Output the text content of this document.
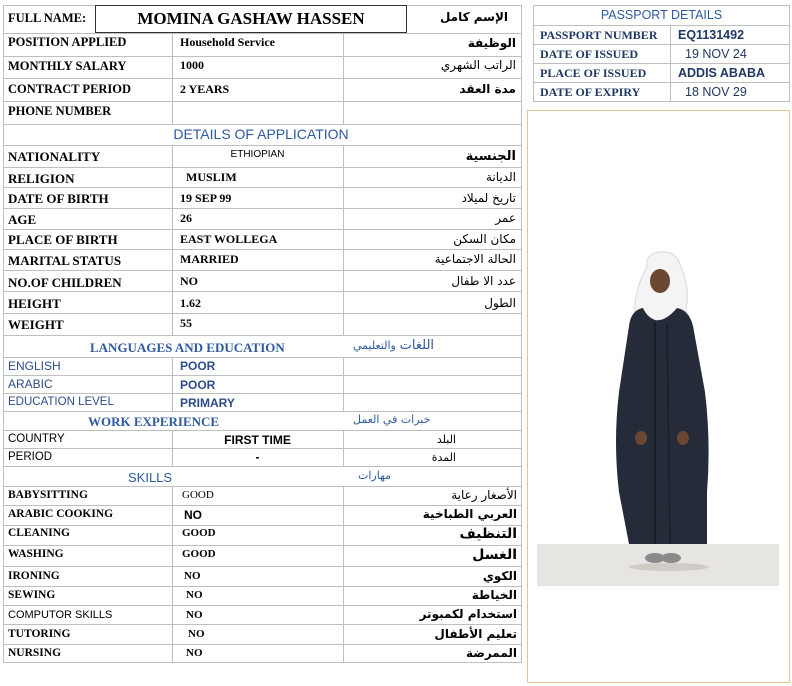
FULL NAME:	MOMINA GASHAW HASSEN	الإسم كامل
POSITION APPLIED	Household Service	الوظيفة
MONTHLY SALARY	1000	الراتب الشهري
CONTRACT PERIOD	2 YEARS	مدة العقد
PHONE NUMBER
DETAILS OF APPLICATION
NATIONALITY	ETHIOPIAN	الجنسية
RELIGION	MUSLIM	الديانة
DATE OF BIRTH	19 SEP 99	تاريخ لميلاد
AGE	26	عمر
PLACE OF BIRTH	EAST WOLLEGA	مكان السكن
MARITAL STATUS	MARRIED	الحالة الاجتماعية
NO.OF CHILDREN	NO	عدد الا طفال
HEIGHT	1.62	الطول
WEIGHT	55
LANGUAGES AND EDUCATION	اللغات والتعليمي
ENGLISH	POOR
ARABIC	POOR
EDUCATION LEVEL	PRIMARY
WORK EXPERIENCE	خبرات في العمل
COUNTRY	FIRST TIME	البلد
PERIOD	-	المدة
SKILLS	مهارات
BABYSITTING	GOOD	الأصغار رعاية
ARABIC COOKING	NO	العربي الطباخية
CLEANING	GOOD	التنظيف
WASHING	GOOD	الغسل
IRONING	NO	الكوي
SEWING	NO	الخياطة
COMPUTOR SKILLS	NO	استخدام لكمبوتر
TUTORING	NO	تعليم الأطفال
NURSING	NO	الممرضة
PASSPORT DETAILS
PASSPORT NUMBER EQ1131492
DATE OF ISSUED	19 NOV 24
PLACE OF ISSUED	ADDIS ABABA
DATE OF EXPIRY	18 NOV 29
